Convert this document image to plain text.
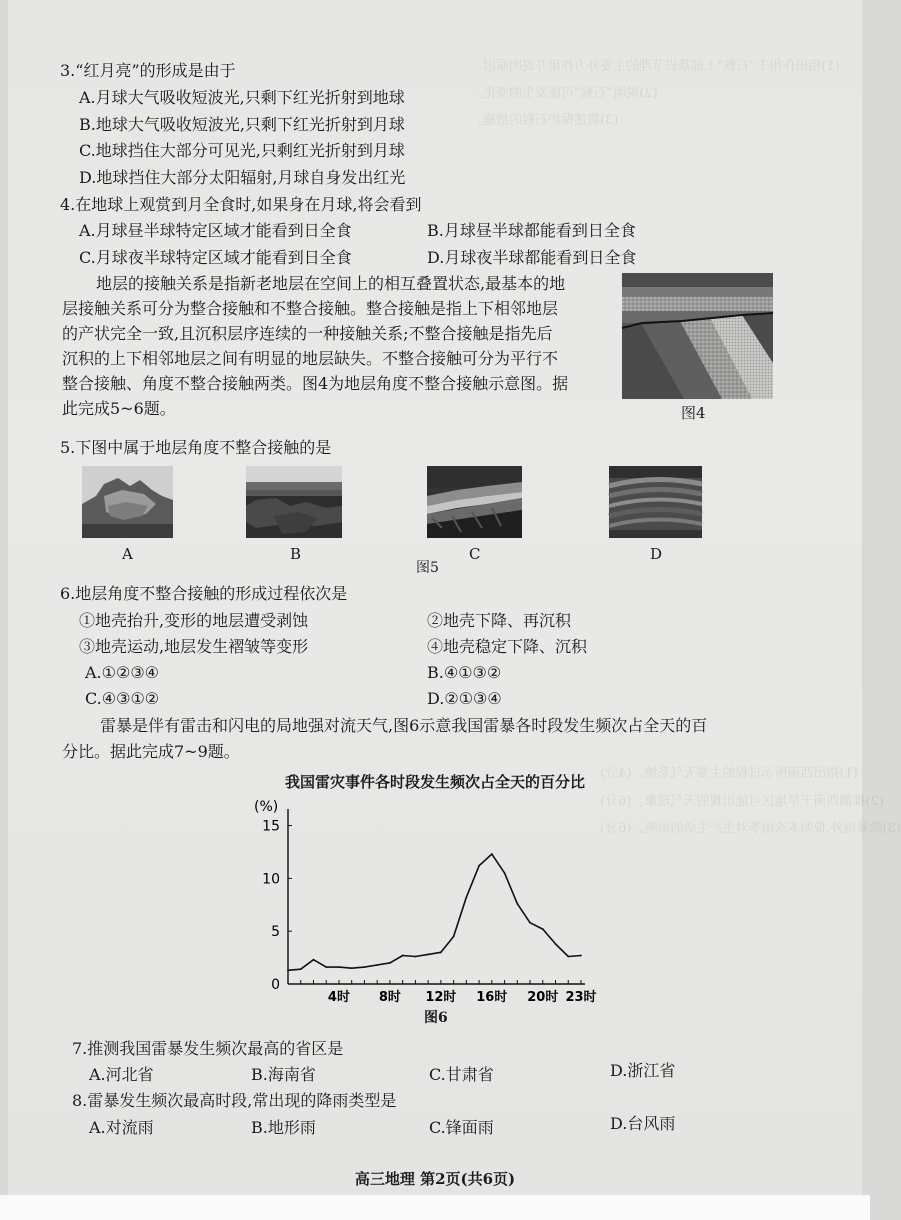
(1)指出作用于“石猴”上部基岩节理的主要外力作用并说明原因。
(2)说明“石猴”可能发生的变化。
(3)简述保护石猴的措施。
(1)指出西南所示过程的主要天气系统。(4分)
(2)推测西南干旱地区可能出现的天气现象。(6分)
(3)除暴雨外,说明本次雨季对生产生活的影响。(6分)
3.“红月亮”的形成是由于
A.月球大气吸收短波光,只剩下红光折射到地球
B.地球大气吸收短波光,只剩下红光折射到月球
C.地球挡住大部分可见光,只剩红光折射到月球
D.地球挡住大部分太阳辐射,月球自身发出红光
4.在地球上观赏到月全食时,如果身在月球,将会看到
A.月球昼半球特定区域才能看到日全食	B.月球昼半球都能看到日全食
C.月球夜半球特定区域才能看到日全食	D.月球夜半球都能看到日全食
地层的接触关系是指新老地层在空间上的相互叠置状态,最基本的地
层接触关系可分为整合接触和不整合接触。整合接触是指上下相邻地层
的产状完全一致,且沉积层序连续的一种接触关系;不整合接触是指先后
沉积的上下相邻地层之间有明显的地层缺失。不整合接触可分为平行不
整合接触、角度不整合接触两类。图4为地层角度不整合接触示意图。据
此完成5~6题。	图4
5.下图中属于地层角度不整合接触的是
A	B	C	D
图5
6.地层角度不整合接触的形成过程依次是
①地壳抬升,变形的地层遭受剥蚀	②地壳下降、再沉积
③地壳运动,地层发生褶皱等变形	④地壳稳定下降、沉积
A.①②③④	B.④①③②
C.④③①②	D.②①③④
雷暴是伴有雷击和闪电的局地强对流天气,图6示意我国雷暴各时段发生频次占全天的百
分比。据此完成7~9题。
我国雷灾事件各时段发生频次占全天的百分比
(%)
0
5
10
15
4时 8时 12时 16时 20时 23时
图6
7.推测我国雷暴发生频次最高的省区是
A.河北省	B.海南省	C.甘肃省	D.浙江省
8.雷暴发生频次最高时段,常出现的降雨类型是
A.对流雨	B.地形雨	C.锋面雨	D.台风雨
高三地理 第2页(共6页)
